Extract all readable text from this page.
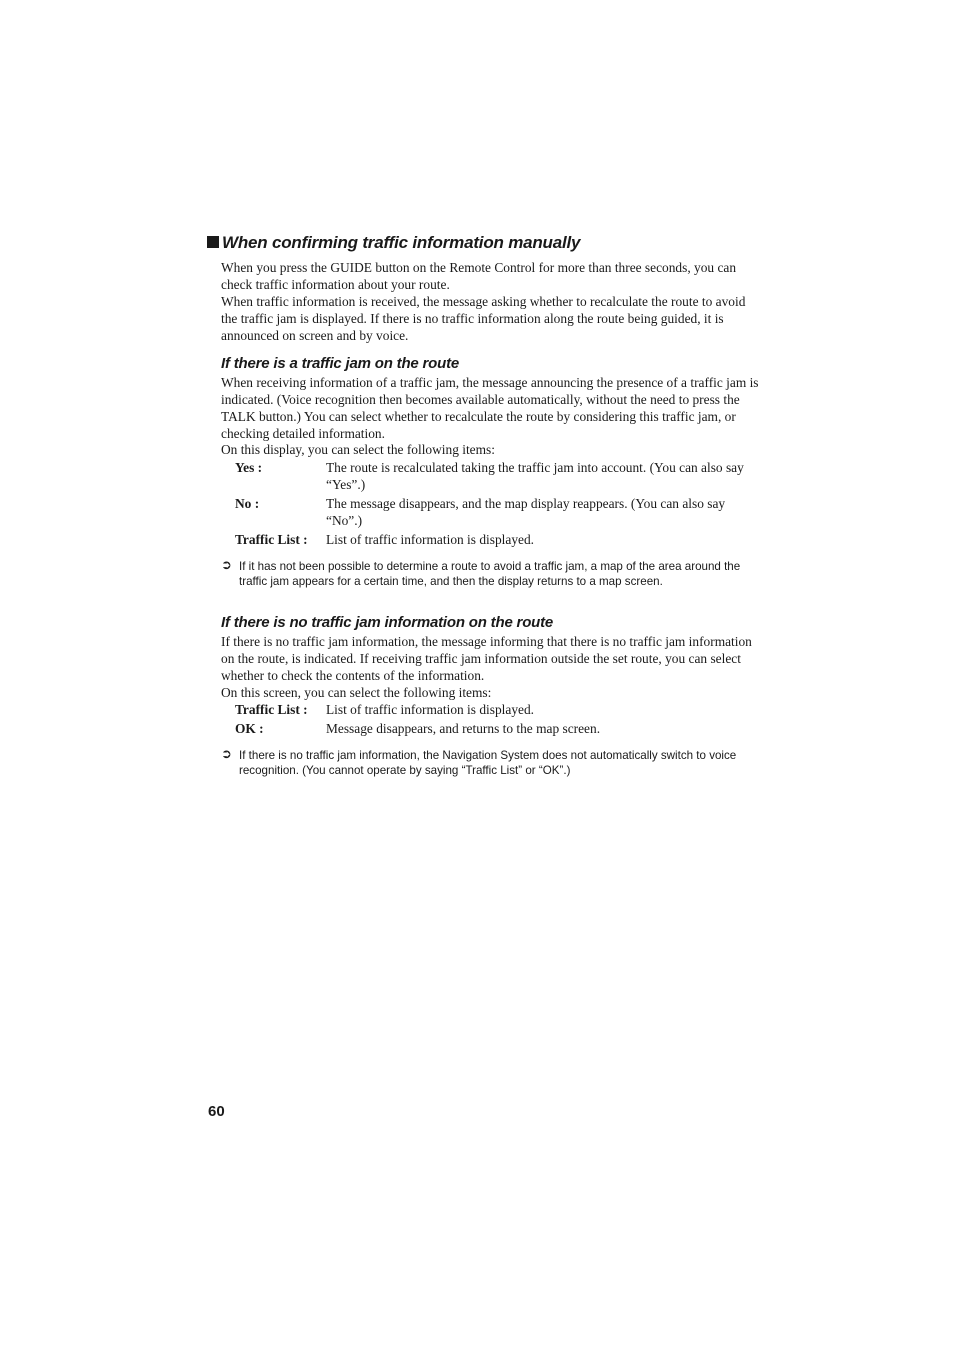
When confirming traffic information manually
When you press the GUIDE button on the Remote Control for more than three seconds, you can check traffic information about your route.
When traffic information is received, the message asking whether to recalculate the route to avoid the traffic jam is displayed. If there is no traffic information along the route being guided, it is announced on screen and by voice.
If there is a traffic jam on the route
When receiving information of a traffic jam, the message announcing the presence of a traffic jam is indicated. (Voice recognition then becomes available automatically, without the need to press the TALK button.) You can select whether to recalculate the route by considering this traffic jam, or checking detailed information.
On this display, you can select the following items:
Yes :	The route is recalculated taking the traffic jam into account. (You can also say “Yes”.)
No :	The message disappears, and the map display reappears. (You can also say “No”.)
Traffic List : List of traffic information is displayed.
➲ If it has not been possible to determine a route to avoid a traffic jam, a map of the area around the traffic jam appears for a certain time, and then the display returns to a map screen.
If there is no traffic jam information on the route
If there is no traffic jam information, the message informing that there is no traffic jam information on the route, is indicated. If receiving traffic jam information outside the set route, you can select whether to check the contents of the information.
On this screen, you can select the following items:
Traffic List : List of traffic information is displayed.
OK :	Message disappears, and returns to the map screen.
➲ If there is no traffic jam information, the Navigation System does not automatically switch to voice recognition. (You cannot operate by saying “Traffic List” or “OK”.)
60
